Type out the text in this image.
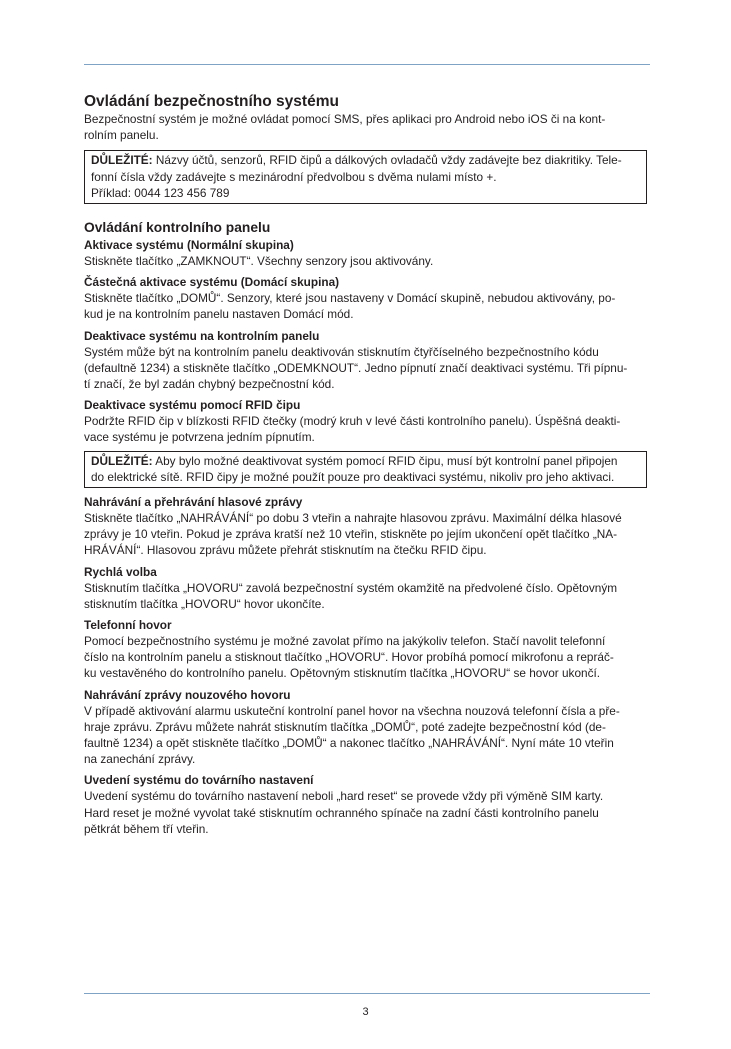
Ovládání bezpečnostního systému

Bezpečnostní systém je možné ovládat pomocí SMS, přes aplikaci pro Android nebo iOS či na kont-
rolním panelu.

DŮLEŽITÉ: Názvy účtů, senzorů, RFID čipů a dálkových ovladačů vždy zadávejte bez diakritiky. Tele-
fonní čísla vždy zadávejte s mezinárodní předvolbou s dvěma nulami místo +.
Příklad: 0044 123 456 789

Ovládání kontrolního panelu

Aktivace systému (Normální skupina)

Stiskněte tlačítko „ZAMKNOUT“. Všechny senzory jsou aktivovány.

Částečná aktivace systému (Domácí skupina)

Stiskněte tlačítko „DOMŮ“. Senzory, které jsou nastaveny v Domácí skupině, nebudou aktivovány, po-
kud je na kontrolním panelu nastaven Domácí mód.

Deaktivace systému na kontrolním panelu

Systém může být na kontrolním panelu deaktivován stisknutím čtyřčíselného bezpečnostního kódu
(defaultně 1234) a stiskněte tlačítko „ODEMKNOUT“. Jedno pípnutí značí deaktivaci systému. Tři pípnu-
tí značí, že byl zadán chybný bezpečnostní kód.

Deaktivace systému pomocí RFID čipu

Podržte RFID čip v blízkosti RFID čtečky (modrý kruh v levé části kontrolního panelu). Úspěšná deakti-
vace systému je potvrzena jedním pípnutím.

DŮLEŽITÉ: Aby bylo možné deaktivovat systém pomocí RFID čipu, musí být kontrolní panel připojen
do elektrické sítě. RFID čipy je možné použít pouze pro deaktivaci systému, nikoliv pro jeho aktivaci.

Nahrávání a přehrávání hlasové zprávy

Stiskněte tlačítko „NAHRÁVÁNÍ“ po dobu 3 vteřin a nahrajte hlasovou zprávu. Maximální délka hlasové
zprávy je 10 vteřin. Pokud je zpráva kratší než 10 vteřin, stiskněte po jejím ukončení opět tlačítko „NA-
HRÁVÁNÍ“. Hlasovou zprávu můžete přehrát stisknutím na čtečku RFID čipu.

Rychlá volba

Stisknutím tlačítka „HOVORU“ zavolá bezpečnostní systém okamžitě na předvolené číslo. Opětovným
stisknutím tlačítka „HOVORU“ hovor ukončíte.

Telefonní hovor

Pomocí bezpečnostního systému je možné zavolat přímo na jakýkoliv telefon. Stačí navolit telefonní
číslo na kontrolním panelu a stisknout tlačítko „HOVORU“. Hovor probíhá pomocí mikrofonu a repráč-
ku vestavěného do kontrolního panelu. Opětovným stisknutím tlačítka „HOVORU“ se hovor ukončí.

Nahrávání zprávy nouzového hovoru

V případě aktivování alarmu uskuteční kontrolní panel hovor na všechna nouzová telefonní čísla a pře-
hraje zprávu. Zprávu můžete nahrát stisknutím tlačítka „DOMŮ“, poté zadejte bezpečnostní kód (de-
faultně 1234) a opět stiskněte tlačítko „DOMŮ“ a nakonec tlačítko „NAHRÁVÁNÍ“. Nyní máte 10 vteřin
na zanechání zprávy.

Uvedení systému do továrního nastavení

Uvedení systému do továrního nastavení neboli „hard reset“ se provede vždy při výměně SIM karty.
Hard reset je možné vyvolat také stisknutím ochranného spínače na zadní části kontrolního panelu
pětkrát během tří vteřin.

3
